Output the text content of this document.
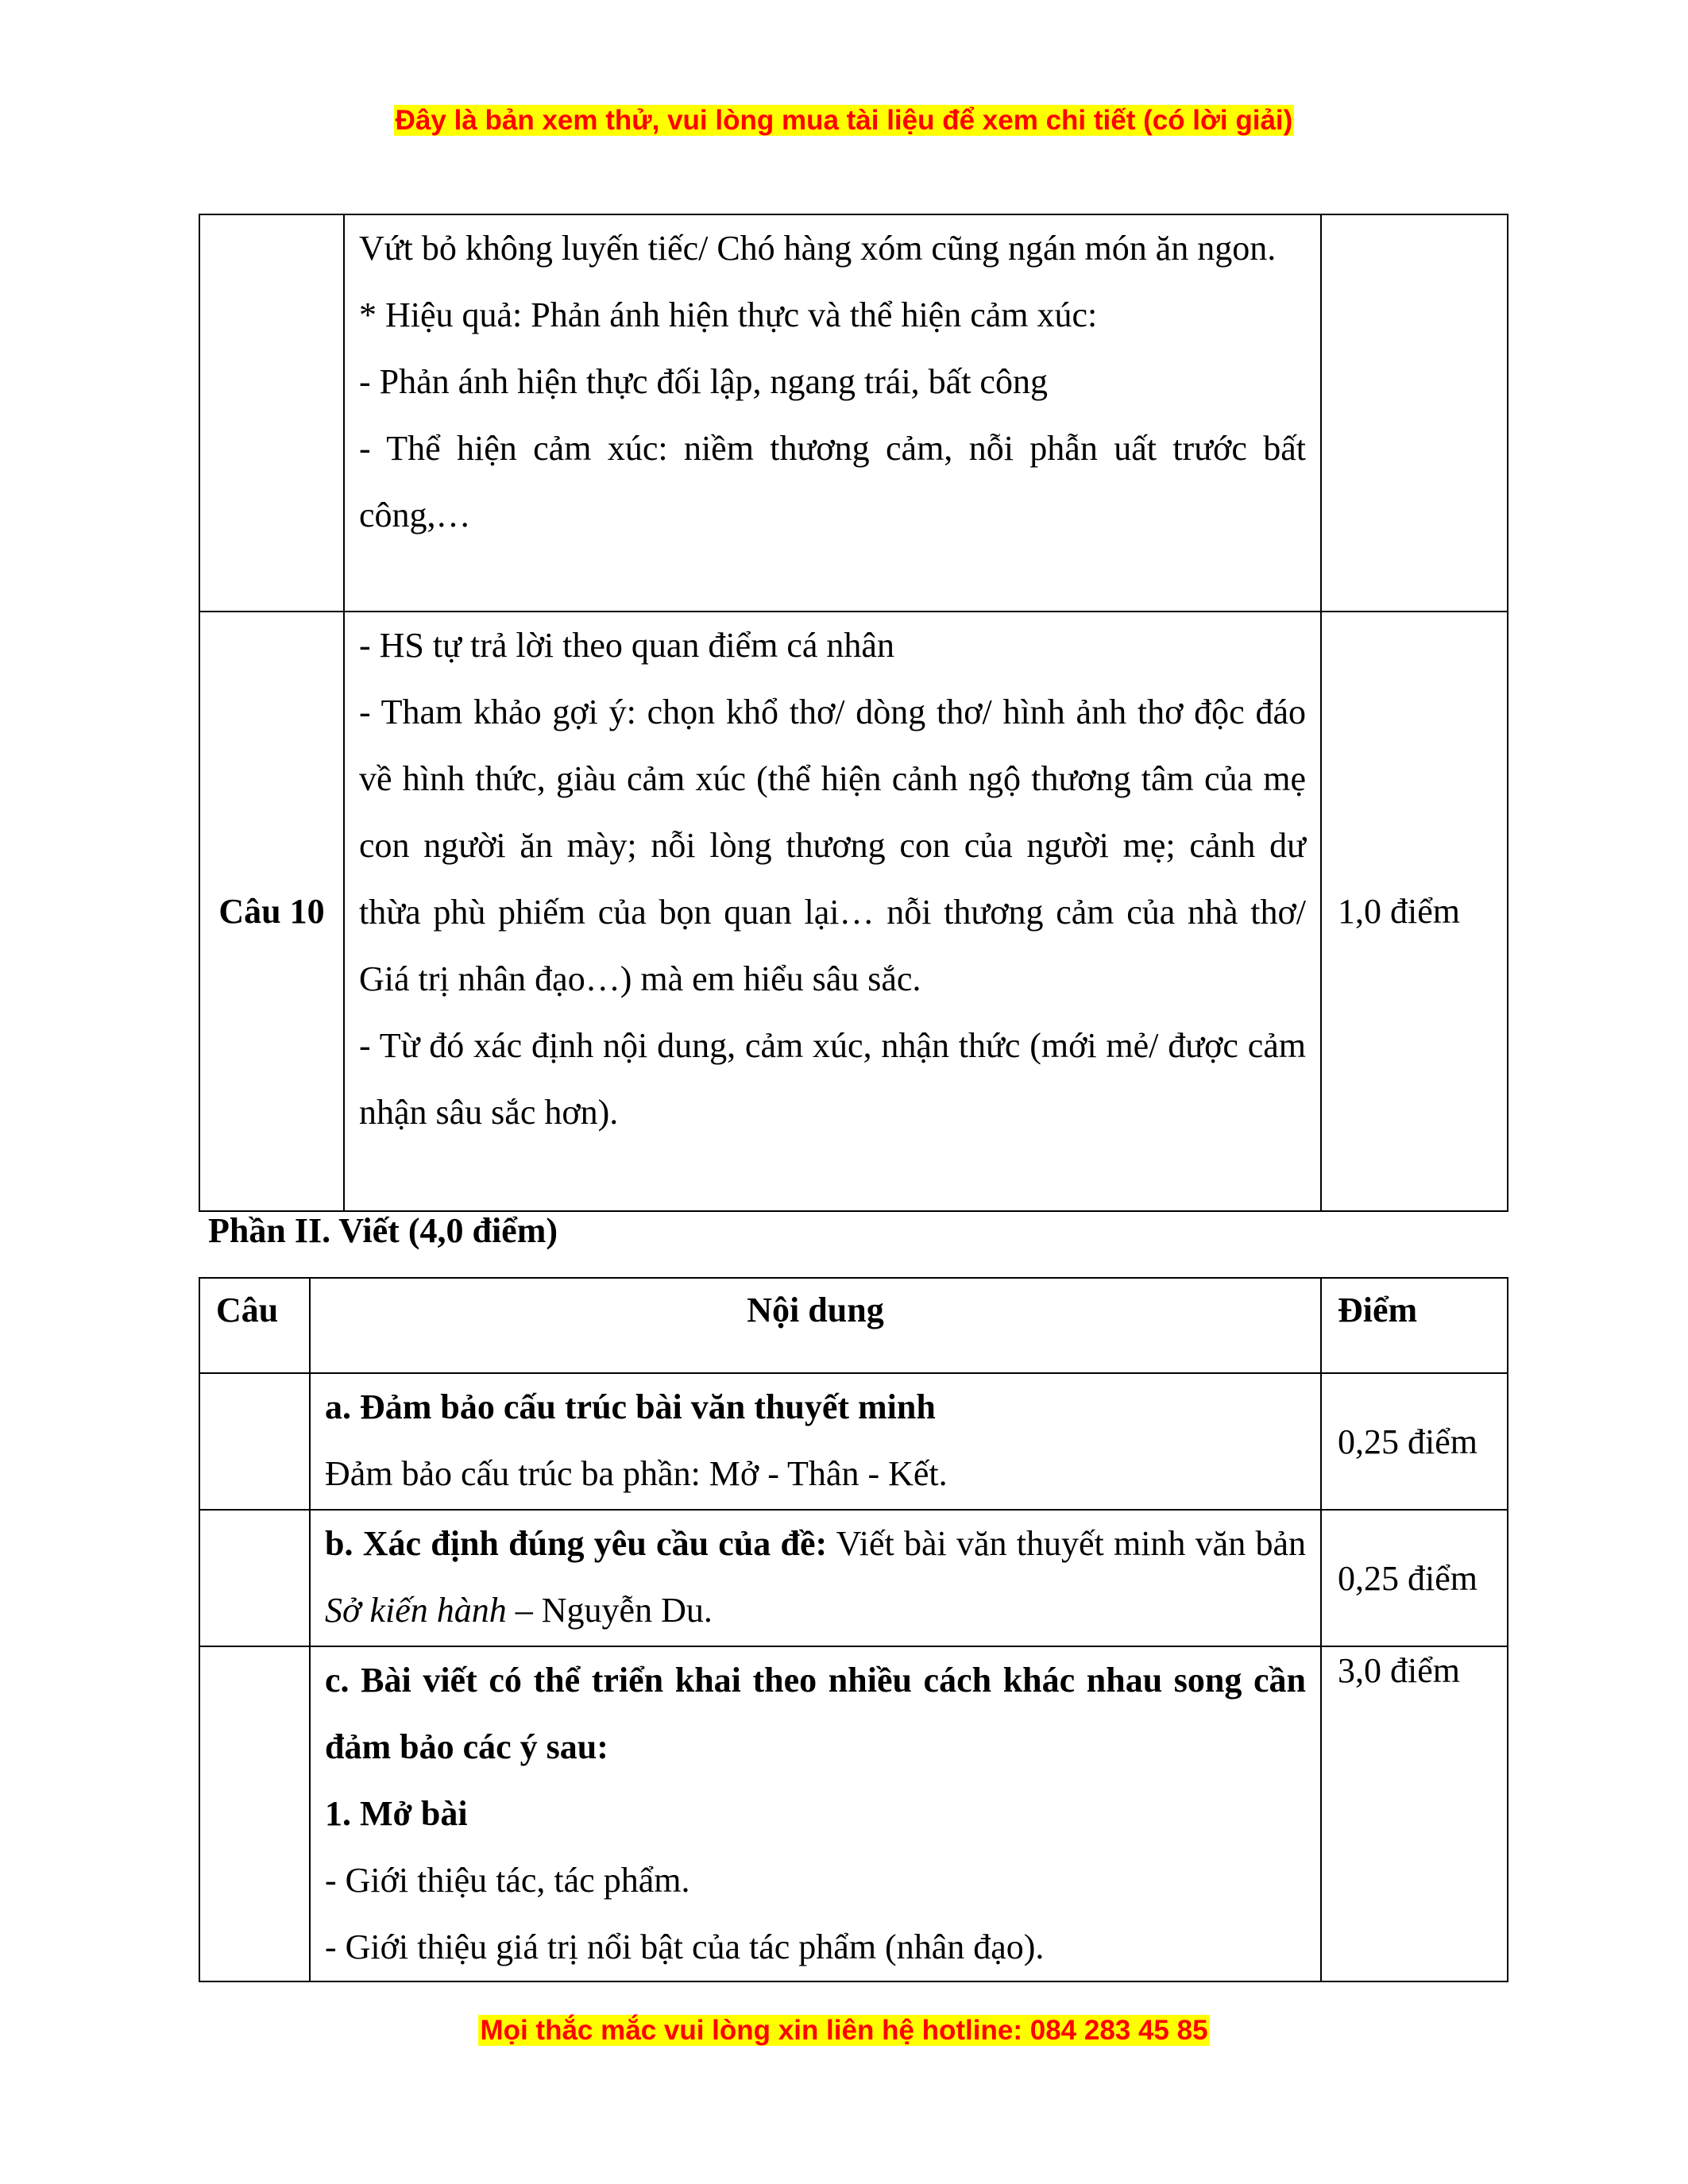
Đây là bản xem thử, vui lòng mua tài liệu để xem chi tiết (có lời giải)

	Vứt bỏ không luyến tiếc/ Chó hàng xóm cũng ngán món ăn ngon.

* Hiệu quả: Phản ánh hiện thực và thể hiện cảm xúc:

- Phản ánh hiện thực đối lập, ngang trái, bất công

- Thể hiện cảm xúc: niềm thương cảm, nỗi phẫn uất trước bất công,…	

Câu 10	- HS tự trả lời theo quan điểm cá nhân

- Tham khảo gợi ý: chọn khổ thơ/ dòng thơ/ hình ảnh thơ độc đáo về hình thức, giàu cảm xúc (thể hiện cảnh ngộ thương tâm của mẹ con người ăn mày; nỗi lòng thương con của người mẹ; cảnh dư thừa phù phiếm của bọn quan lại… nỗi thương cảm của nhà thơ/ Giá trị nhân đạo…) mà em hiểu sâu sắc.

- Từ đó xác định nội dung, cảm xúc, nhận thức (mới mẻ/ được cảm nhận sâu sắc hơn).	1,0 điểm

Phần II. Viết (4,0 điểm)

Câu	Nội dung	Điểm

	a. Đảm bảo cấu trúc bài văn thuyết minh

Đảm bảo cấu trúc ba phần: Mở - Thân - Kết.	0,25 điểm

	b. Xác định đúng yêu cầu của đề: Viết bài văn thuyết minh văn bản Sở kiến hành – Nguyễn Du.	0,25 điểm

	c. Bài viết có thể triển khai theo nhiều cách khác nhau song cần đảm bảo các ý sau:

1. Mở bài

- Giới thiệu tác, tác phẩm.

- Giới thiệu giá trị nổi bật của tác phẩm (nhân đạo).	3,0 điểm
Mọi thắc mắc vui lòng xin liên hệ hotline: 084 283 45 85
